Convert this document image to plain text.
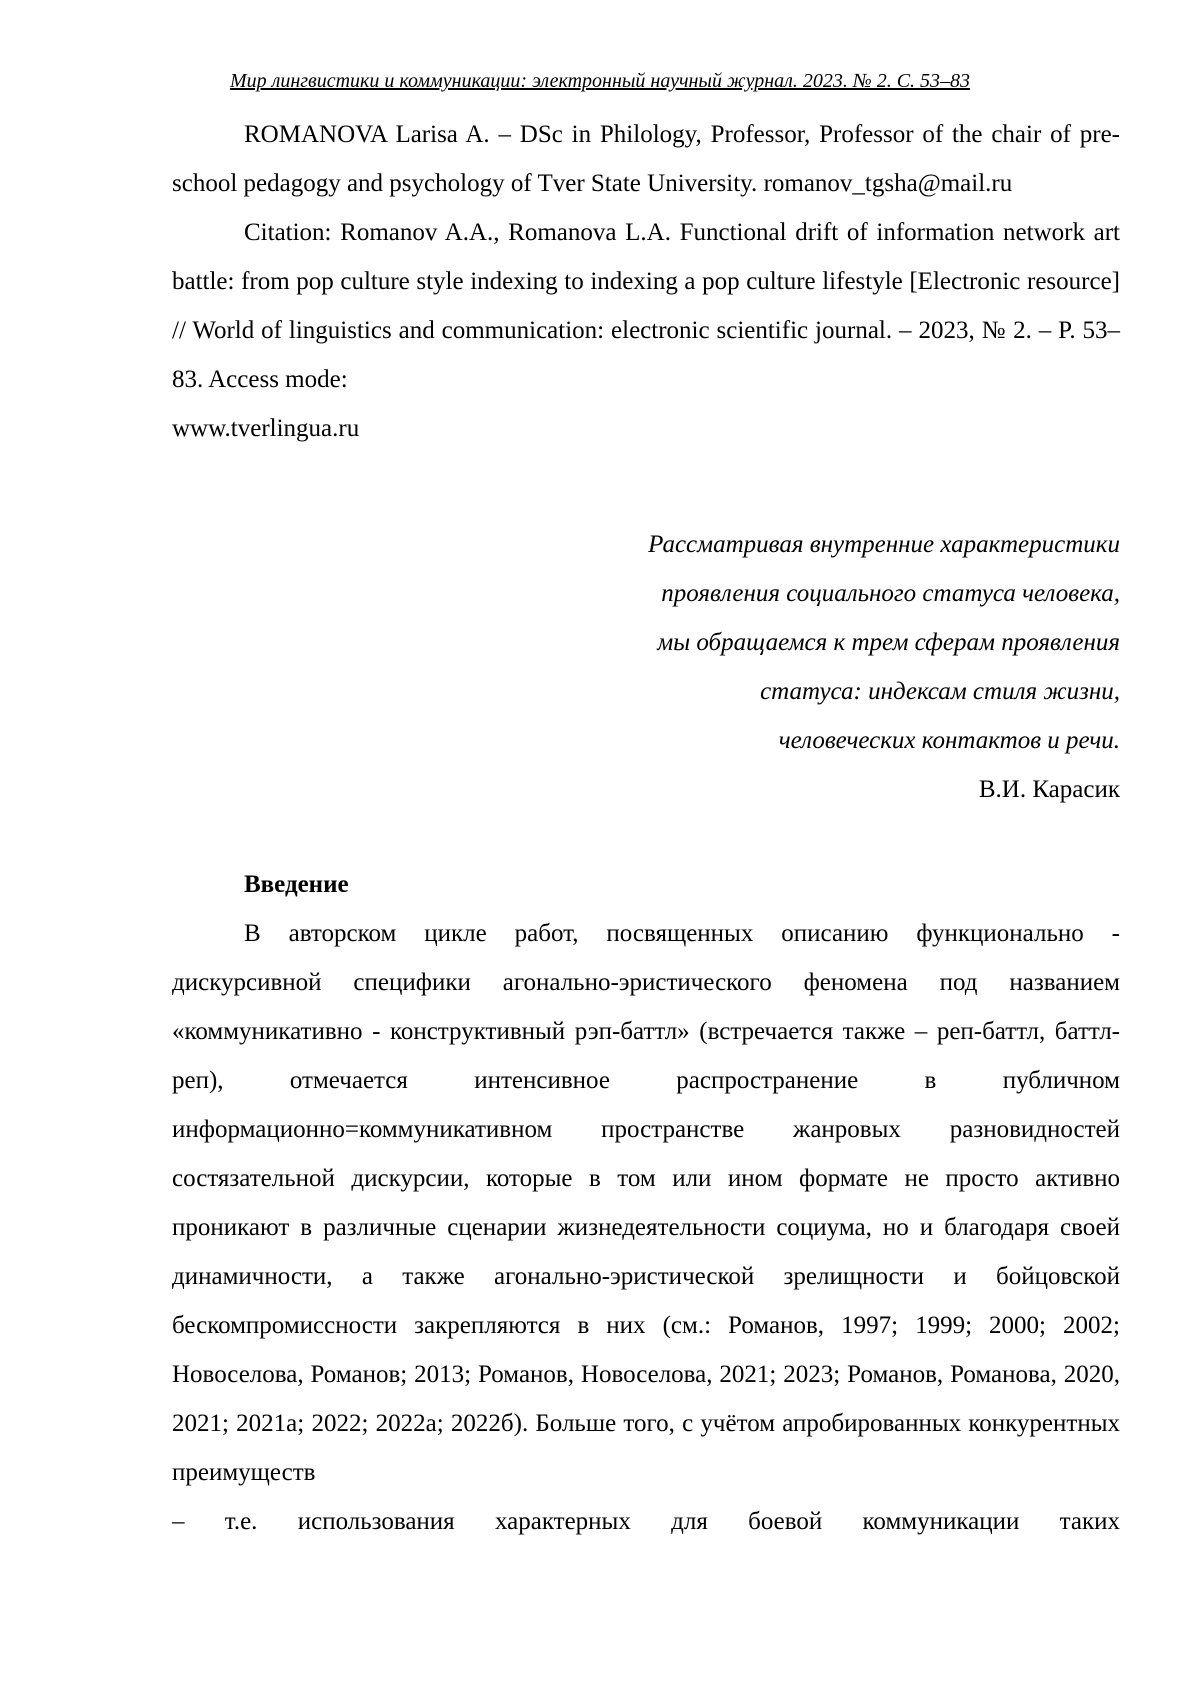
Мир лингвистики и коммуникации: электронный научный журнал. 2023. № 2. С. 53–83

ROMANOVA Larisa A. – DSc in Philology, Professor, Professor of the chair of pre-school pedagogy and psychology of Tver State University. romanov_tgsha@mail.ru

Citation: Romanov A.A., Romanova L.A. Functional drift of information network art battle: from pop culture style indexing to indexing a pop culture lifestyle [Electronic resource] // World of linguistics and communication: electronic scientific journal. – 2023, № 2. – P. 53–83. Access mode:

www.tverlingua.ru

Рассматривая внутренние характеристики
проявления социального статуса человека,
мы обращаемся к трем сферам проявления
статуса: индексам стиля жизни,
человеческих контактов и речи.

В.И. Карасик

Введение

В авторском цикле работ, посвященных описанию функционально - дискурсивной специфики агонально-эристического феномена под названием «коммуникативно - конструктивный рэп-баттл» (встречается также – реп-баттл, баттл-реп), отмечается интенсивное распространение в публичном информационно=коммуникативном пространстве жанровых разновидностей состязательной дискурсии, которые в том или ином формате не просто активно проникают в различные сценарии жизнедеятельности социума, но и благодаря своей динамичности, а также агонально-эристической зрелищности и бойцовской бескомпромиссности закрепляются в них (см.: Романов, 1997; 1999; 2000; 2002; Новоселова, Романов; 2013; Романов, Новоселова, 2021; 2023; Романов, Романова, 2020, 2021; 2021а; 2022; 2022а; 2022б). Больше того, с учётом апробированных конкурентных преимуществ

– т.е. использования характерных для боевой коммуникации таких
